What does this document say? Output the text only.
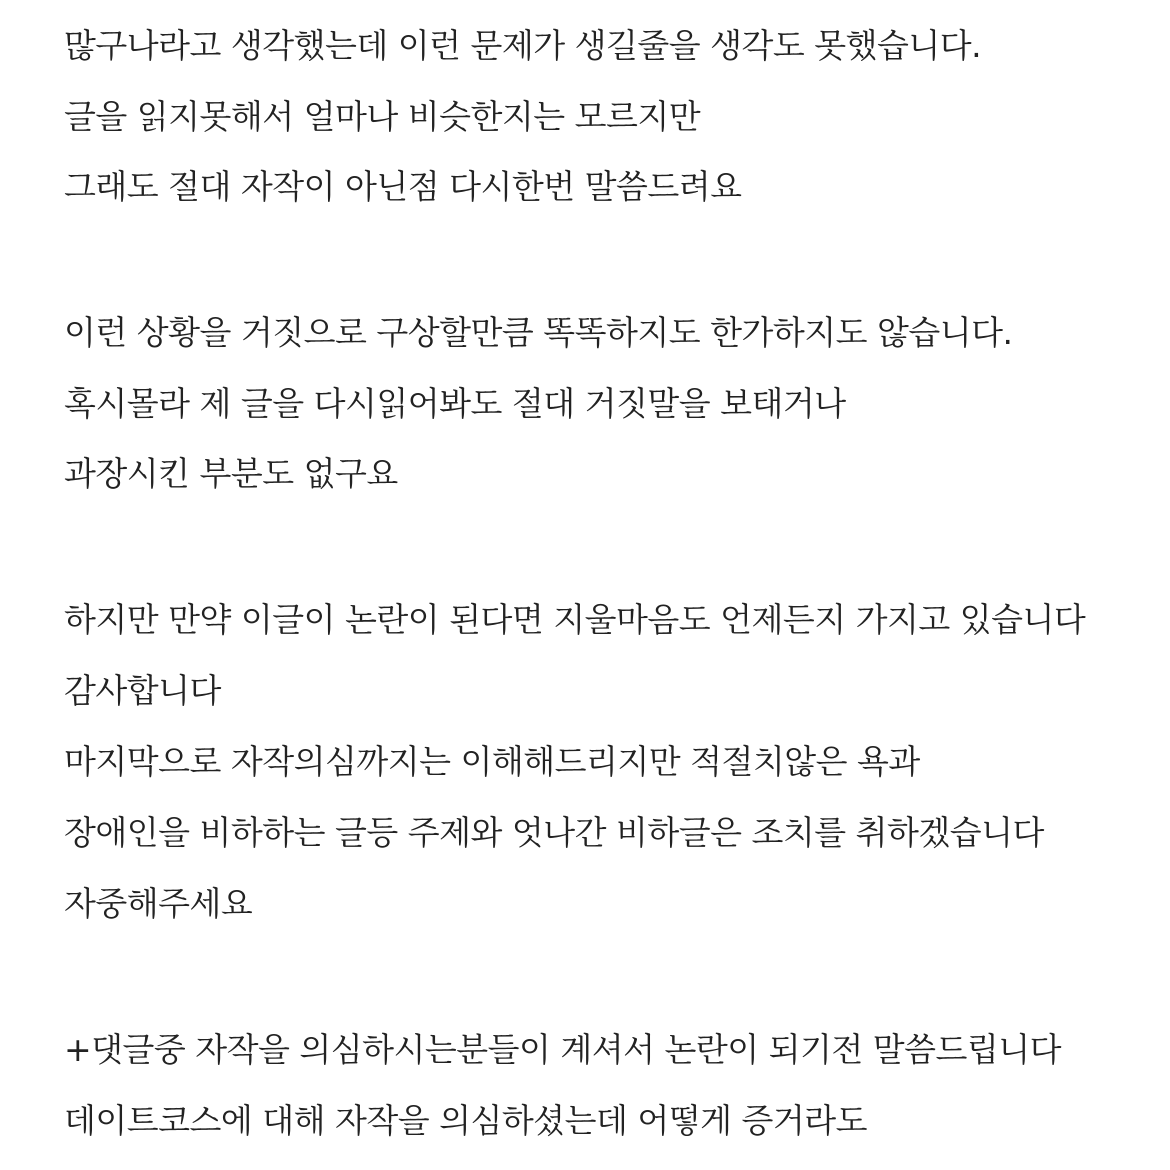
많구나라고 생각했는데 이런 문제가 생길줄을 생각도 못했습니다.
글을 읽지못해서 얼마나 비슷한지는 모르지만
그래도 절대 자작이 아닌점 다시한번 말씀드려요
이런 상황을 거짓으로 구상할만큼 똑똑하지도 한가하지도 않습니다.
혹시몰라 제 글을 다시읽어봐도 절대 거짓말을 보태거나
과장시킨 부분도 없구요
하지만 만약 이글이 논란이 된다면 지울마음도 언제든지 가지고 있습니다
감사합니다
마지막으로 자작의심까지는 이해해드리지만 적절치않은 욕과
장애인을 비하하는 글등 주제와 엇나간 비하글은 조치를 취하겠습니다
자중해주세요
+댓글중 자작을 의심하시는분들이 계셔서 논란이 되기전 말씀드립니다
데이트코스에 대해 자작을 의심하셨는데 어떻게 증거라도
